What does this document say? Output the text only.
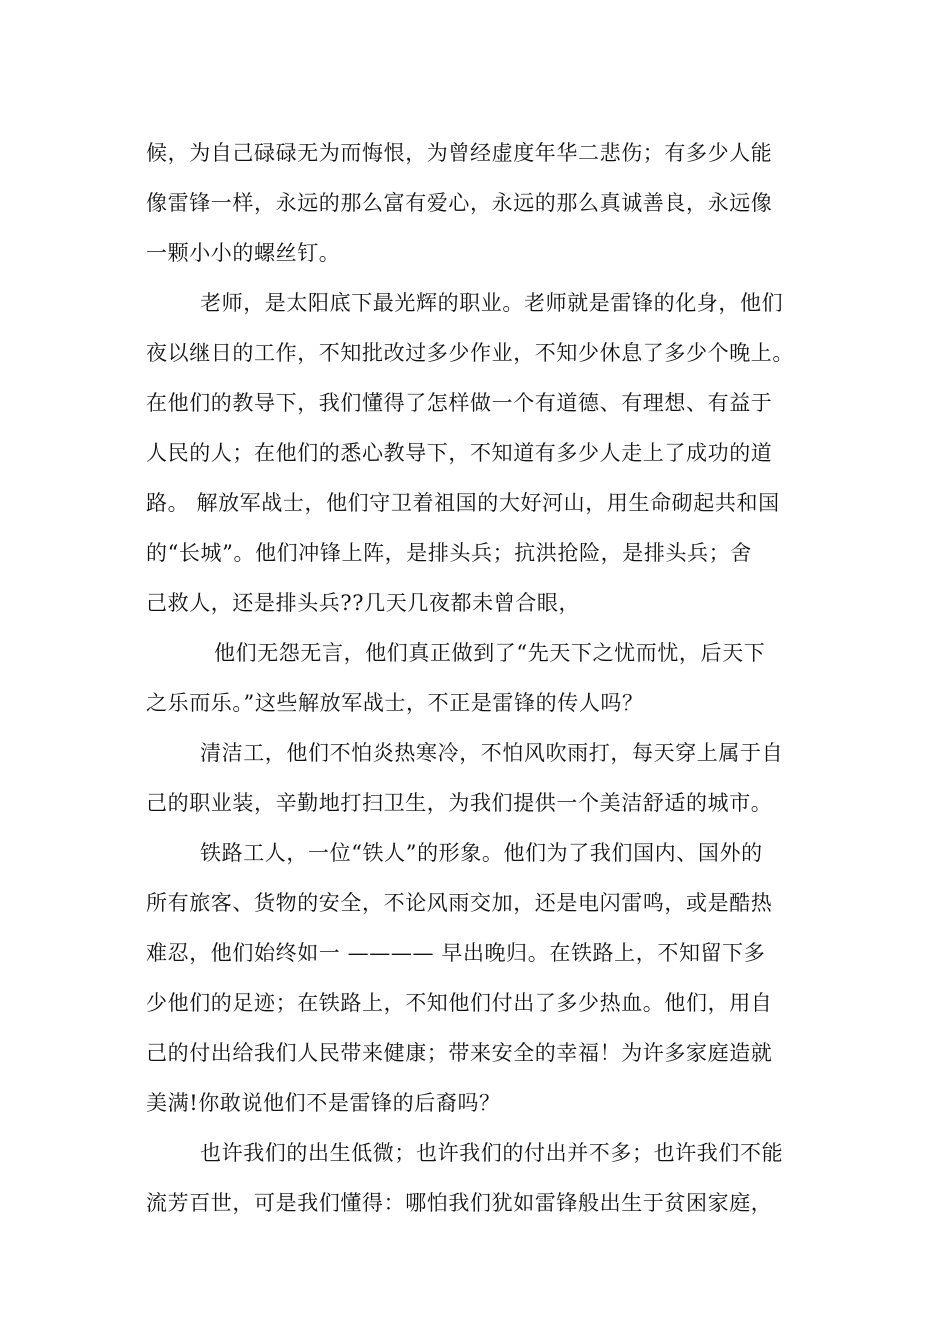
候，为自己碌碌无为而悔恨，为曾经虚度年华二悲伤；有多少人能
像雷锋一样，永远的那么富有爱心，永远的那么真诚善良，永远像
一颗小小的螺丝钉。
老师，是太阳底下最光辉的职业。老师就是雷锋的化身，他们
夜以继日的工作，不知批改过多少作业，不知少休息了多少个晚上。
在他们的教导下，我们懂得了怎样做一个有道德、有理想、有益于
人民的人；在他们的悉心教导下，不知道有多少人走上了成功的道
路。 解放军战士，他们守卫着祖国的大好河山，用生命砌起共和国
的“长城”。他们冲锋上阵，是排头兵；抗洪抢险，是排头兵；舍
己救人，还是排头兵??几天几夜都未曾合眼，
他们无怨无言，他们真正做到了“先天下之忧而忧，后天下
之乐而乐。”这些解放军战士，不正是雷锋的传人吗？
清洁工，他们不怕炎热寒冷，不怕风吹雨打，每天穿上属于自
己的职业装，辛勤地打扫卫生，为我们提供一个美洁舒适的城市。
铁路工人，一位“铁人”的形象。他们为了我们国内、国外的
所有旅客、货物的安全，不论风雨交加，还是电闪雷鸣，或是酷热
难忍，他们始终如一 ———— 早出晚归。在铁路上，不知留下多
少他们的足迹；在铁路上，不知他们付出了多少热血。他们，用自
己的付出给我们人民带来健康；带来安全的幸福！为许多家庭造就
美满!你敢说他们不是雷锋的后裔吗？
也许我们的出生低微；也许我们的付出并不多；也许我们不能
流芳百世，可是我们懂得：哪怕我们犹如雷锋般出生于贫困家庭，
